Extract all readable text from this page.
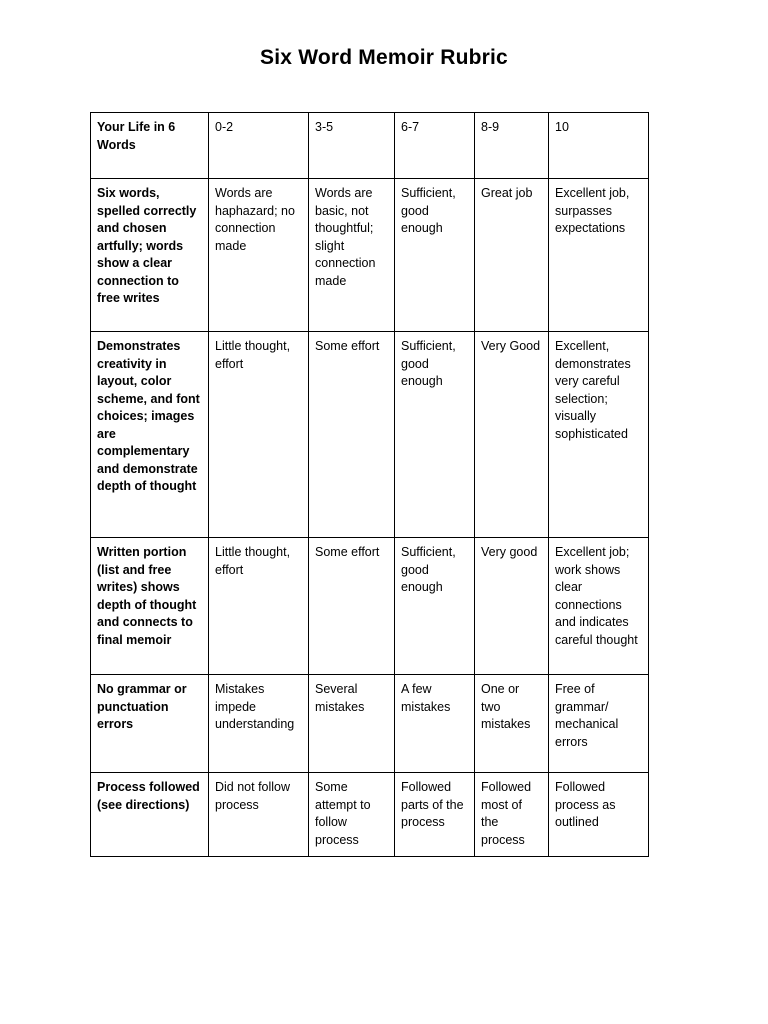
Six Word Memoir Rubric
Your Life in 6 Words	0-2	3-5	6-7	8-9	10
Six words, spelled correctly and chosen artfully; words show a clear connection to free writes	Words are haphazard; no connection made	Words are basic, not thoughtful; slight connection made	Sufficient, good enough	Great job	Excellent job, surpasses expectations
Demonstrates creativity in layout, color scheme, and font choices; images are complementary and demonstrate depth of thought	Little thought, effort	Some effort	Sufficient, good enough	Very Good	Excellent, demonstrates very careful selection; visually sophisticated
Written portion (list and free writes) shows depth of thought and connects to final memoir	Little thought, effort	Some effort	Sufficient, good enough	Very good	Excellent job; work shows clear connections and indicates careful thought
No grammar or punctuation errors	Mistakes impede understanding	Several mistakes	A few mistakes	One or two mistakes	Free of grammar/ mechanical errors
Process followed (see directions)	Did not follow process	Some attempt to follow process	Followed parts of the process	Followed most of the process	Followed process as outlined
